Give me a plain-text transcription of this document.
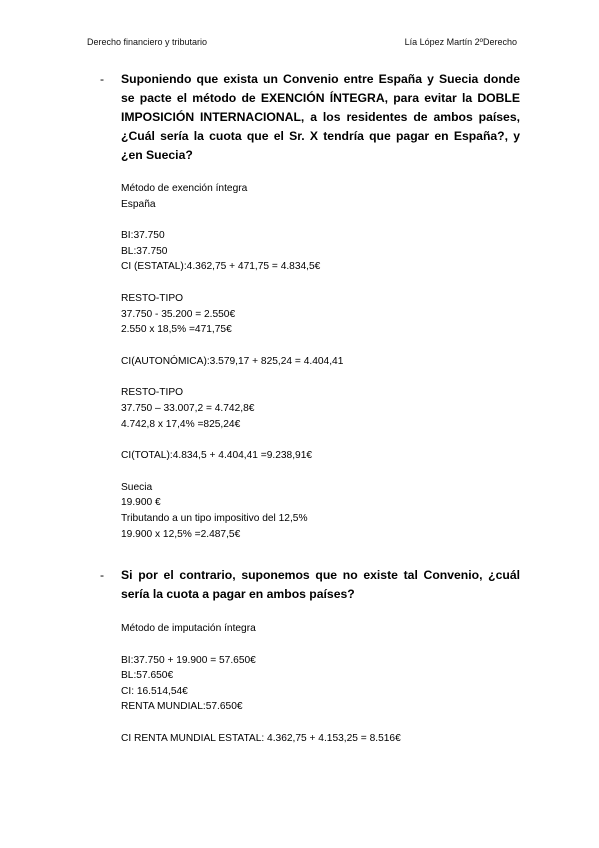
Derecho financiero y tributario	Lía López Martín 2ºDerecho
- Suponiendo que exista un Convenio entre España y Suecia donde se pacte el método de EXENCIÓN ÍNTEGRA, para evitar la DOBLE IMPOSICIÓN INTERNACIONAL, a los residentes de ambos países, ¿Cuál sería la cuota que el Sr. X tendría que pagar en España?, y ¿en Suecia?
Método de exención íntegra
España
BI:37.750
BL:37.750
CI (ESTATAL):4.362,75 + 471,75 = 4.834,5€
RESTO-TIPO
37.750 - 35.200 = 2.550€
2.550 x 18,5% =471,75€
CI(AUTONÓMICA):3.579,17 + 825,24 = 4.404,41
RESTO-TIPO
37.750 – 33.007,2 = 4.742,8€
4.742,8 x 17,4% =825,24€
CI(TOTAL):4.834,5 + 4.404,41 =9.238,91€
Suecia
19.900 €
Tributando a un tipo impositivo del 12,5%
19.900 x 12,5% =2.487,5€
- Si por el contrario, suponemos que no existe tal Convenio, ¿cuál sería la cuota a pagar en ambos países?
Método de imputación íntegra
BI:37.750 + 19.900 = 57.650€
BL:57.650€
CI: 16.514,54€
RENTA MUNDIAL:57.650€
CI RENTA MUNDIAL ESTATAL: 4.362,75 + 4.153,25 = 8.516€
